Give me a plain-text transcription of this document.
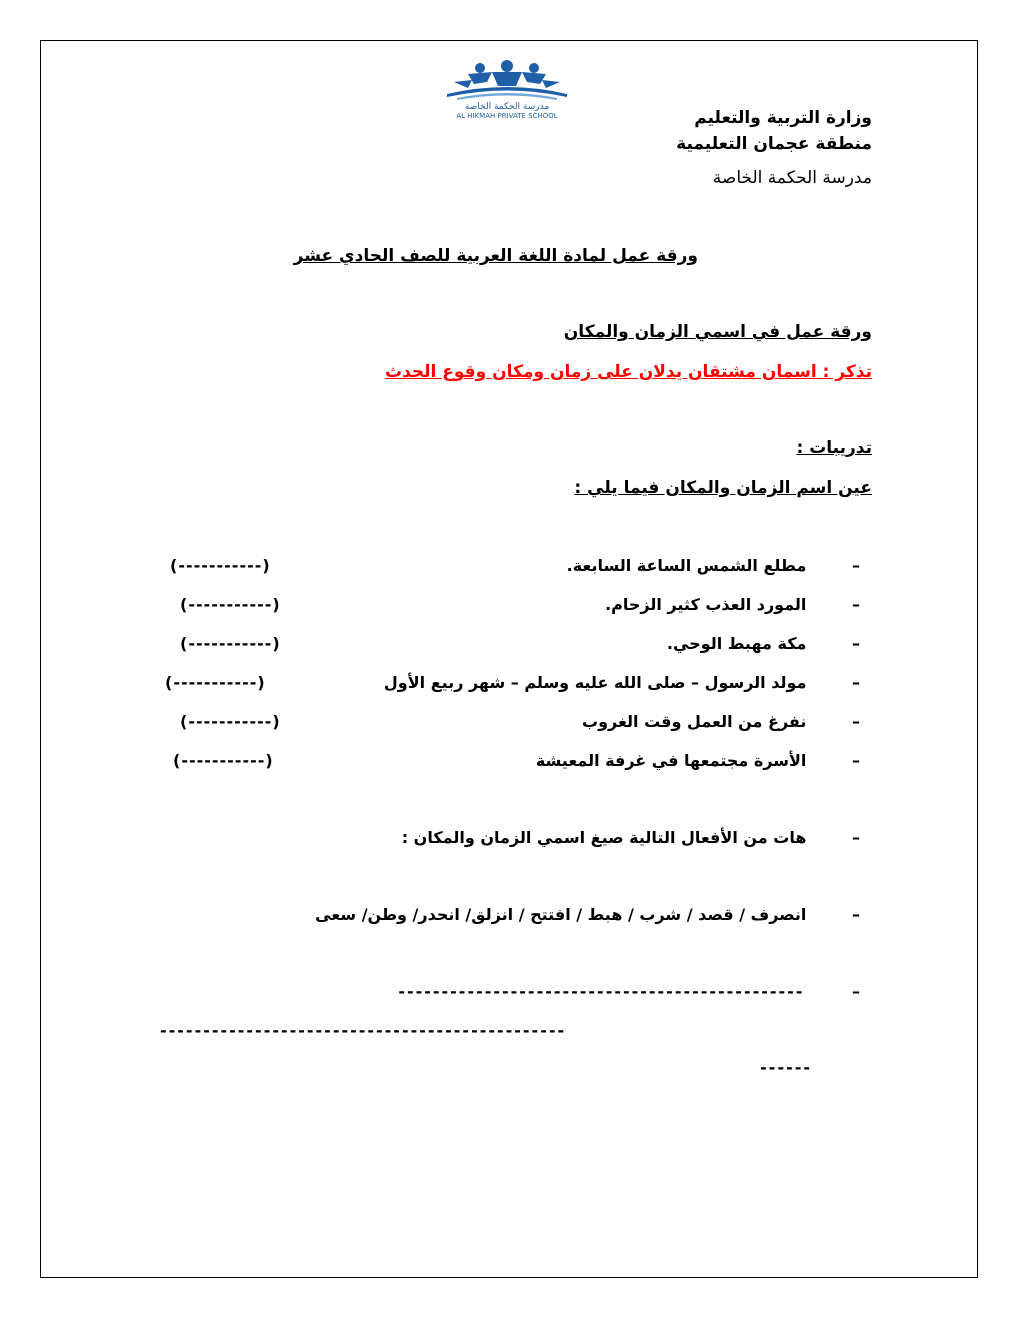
مدرسة الحكمة الخاصة
AL HIKMAH PRIVATE SCHOOL	وزارة التربية والتعليم
منطقة عجمان التعليمية
مدرسة الحكمة الخاصة
ورقة عمل لمادة اللغة العربية للصف الحادي عشر
ورقة عمل في اسمي الزمان والمكان
تذكر : اسمان مشتقان يدلان على زمان ومكان وقوع الحدث
تدريبات :
عين اسم الزمان والمكان فيما يلي :
– مطلع الشمس الساعة السابعة.
(-----------)
– المورد العذب كثير الزحام.
(-----------)
– مكة مهبط الوحي.
(-----------)
– مولد الرسول – صلى الله عليه وسلم – شهر ربيع الأول
(-----------)
– نفرغ من العمل وقت الغروب
(-----------)
– الأسرة مجتمعها في غرفة المعيشة
(-----------)
– هات من الأفعال التالية صيغ اسمي الزمان والمكان :
– انصرف / قصد / شرب / هبط / افتتح / انزلق/ انحدر/ وطن/ سعى
– -----------------------------------------------
-----------------------------------------------
------
